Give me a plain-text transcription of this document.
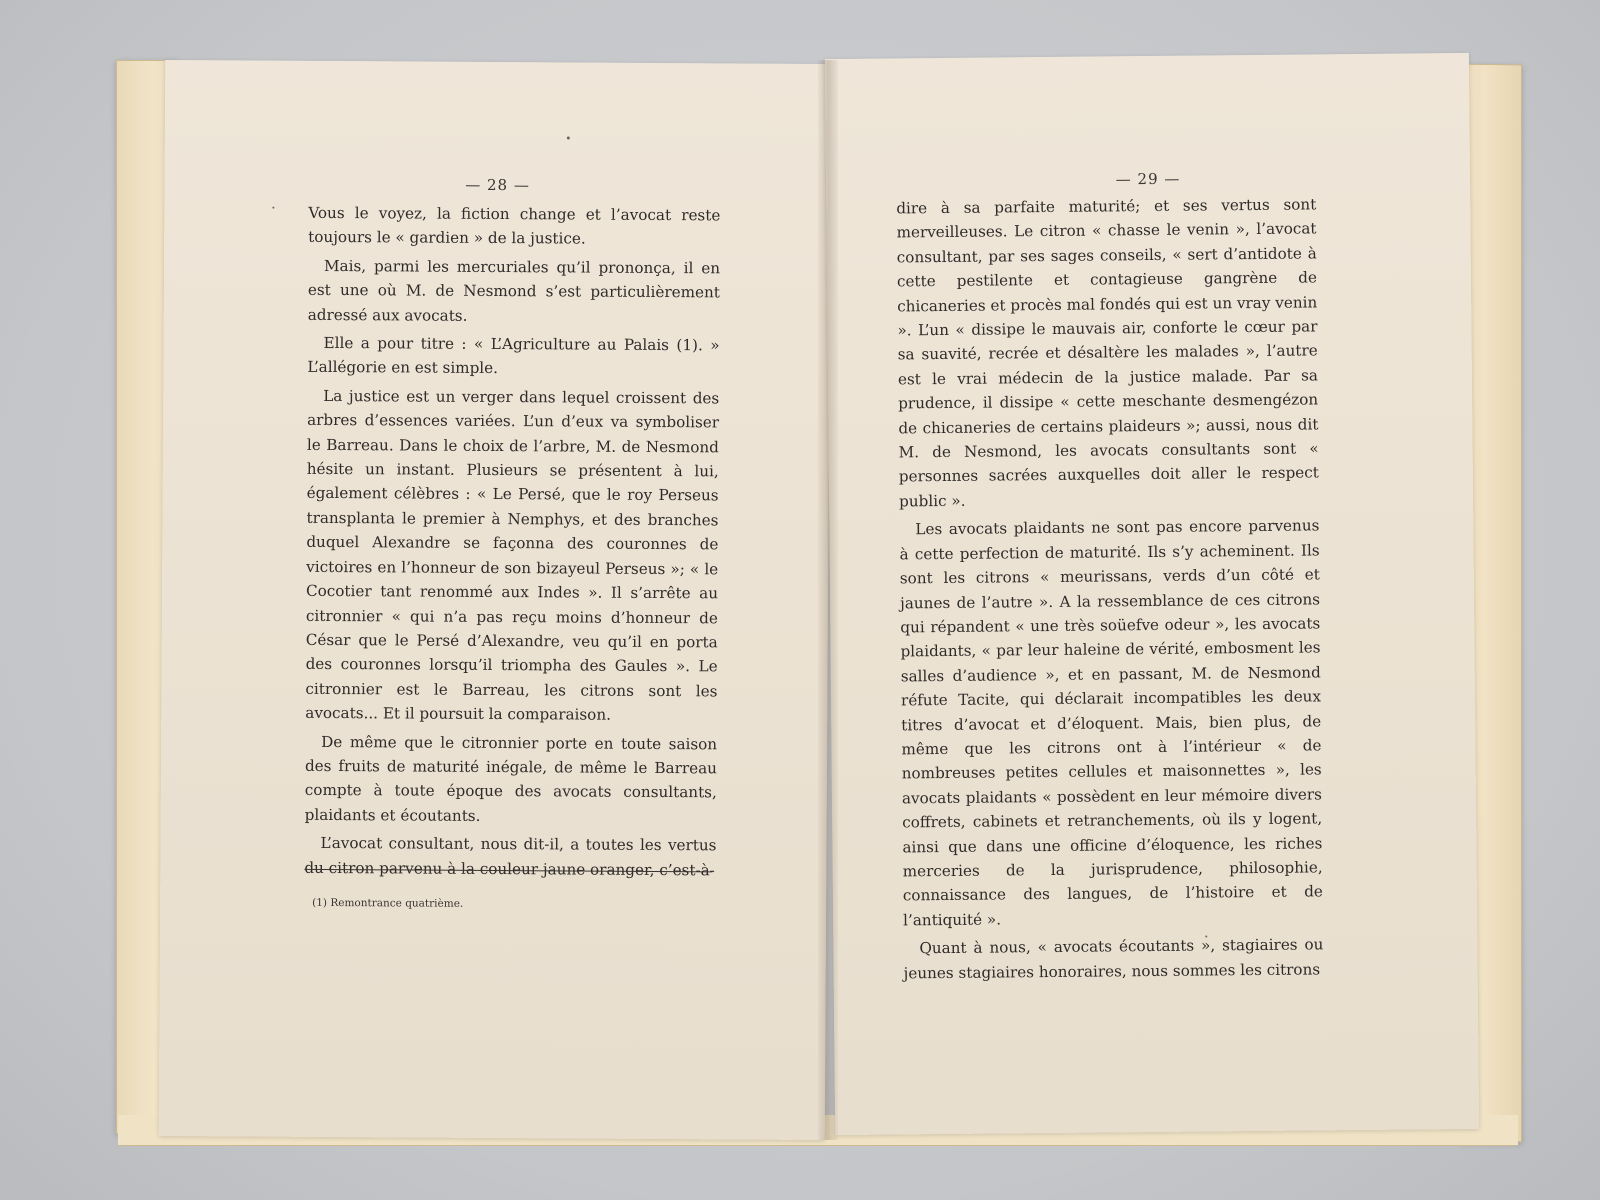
— 28 —

Vous le voyez, la fiction change et l’avocat reste toujours le « gardien » de la justice.

Mais, parmi les mercuriales qu’il prononça, il en est une où M. de Nesmond s’est particulièrement adressé aux avocats.

Elle a pour titre : « L’Agriculture au Palais (1). » L’allégorie en est simple.

La justice est un verger dans lequel croissent des arbres d’essences variées. L’un d’eux va symboliser le Barreau. Dans le choix de l’arbre, M. de Nesmond hésite un instant. Plusieurs se présentent à lui, également célèbres : « Le Persé, que le roy Perseus transplanta le premier à Nemphys, et des branches duquel Alexandre se façonna des couronnes de victoires en l’honneur de son bizayeul Perseus »; « le Cocotier tant renommé aux Indes ». Il s’arrête au citronnier « qui n’a pas reçu moins d’honneur de César que le Persé d’Alexandre, veu qu’il en porta des couronnes lorsqu’il triompha des Gaules ». Le citronnier est le Barreau, les citrons sont les avocats... Et il poursuit la comparaison.

De même que le citronnier porte en toute saison des fruits de maturité inégale, de même le Barreau compte à toute époque des avocats consultants, plaidants et écoutants.

L’avocat consultant, nous dit-il, a toutes les vertus du citron parvenu à la couleur jaune oranger, c’est-à-

(1) Remontrance quatrième.
— 29 —

dire à sa parfaite maturité; et ses vertus sont merveilleuses. Le citron « chasse le venin », l’avocat consultant, par ses sages conseils, « sert d’antidote à cette pestilente et contagieuse gangrène de chicaneries et procès mal fondés qui est un vray venin ». L’un « dissipe le mauvais air, conforte le cœur par sa suavité, recrée et désaltère les malades », l’autre est le vrai médecin de la justice malade. Par sa prudence, il dissipe « cette meschante desmengézon de chicaneries de certains plaideurs »; aussi, nous dit M. de Nesmond, les avocats consultants sont « personnes sacrées auxquelles doit aller le respect public ».

Les avocats plaidants ne sont pas encore parvenus à cette perfection de maturité. Ils s’y acheminent. Ils sont les citrons « meurissans, verds d’un côté et jaunes de l’autre ». A la ressemblance de ces citrons qui répandent « une très soüefve odeur », les avocats plaidants, « par leur haleine de vérité, embosment les salles d’audience », et en passant, M. de Nesmond réfute Tacite, qui déclarait incompatibles les deux titres d’avocat et d’éloquent. Mais, bien plus, de même que les citrons ont à l’intérieur « de nombreuses petites cellules et maisonnettes », les avocats plaidants « possèdent en leur mémoire divers coffrets, cabinets et retranchements, où ils y logent, ainsi que dans une officine d’éloquence, les riches merceries de la jurisprudence, philosophie, connaissance des langues, de l’histoire et de l’antiquité ».

Quant à nous, « avocats écoutants », stagiaires ou jeunes stagiaires honoraires, nous sommes les citrons
